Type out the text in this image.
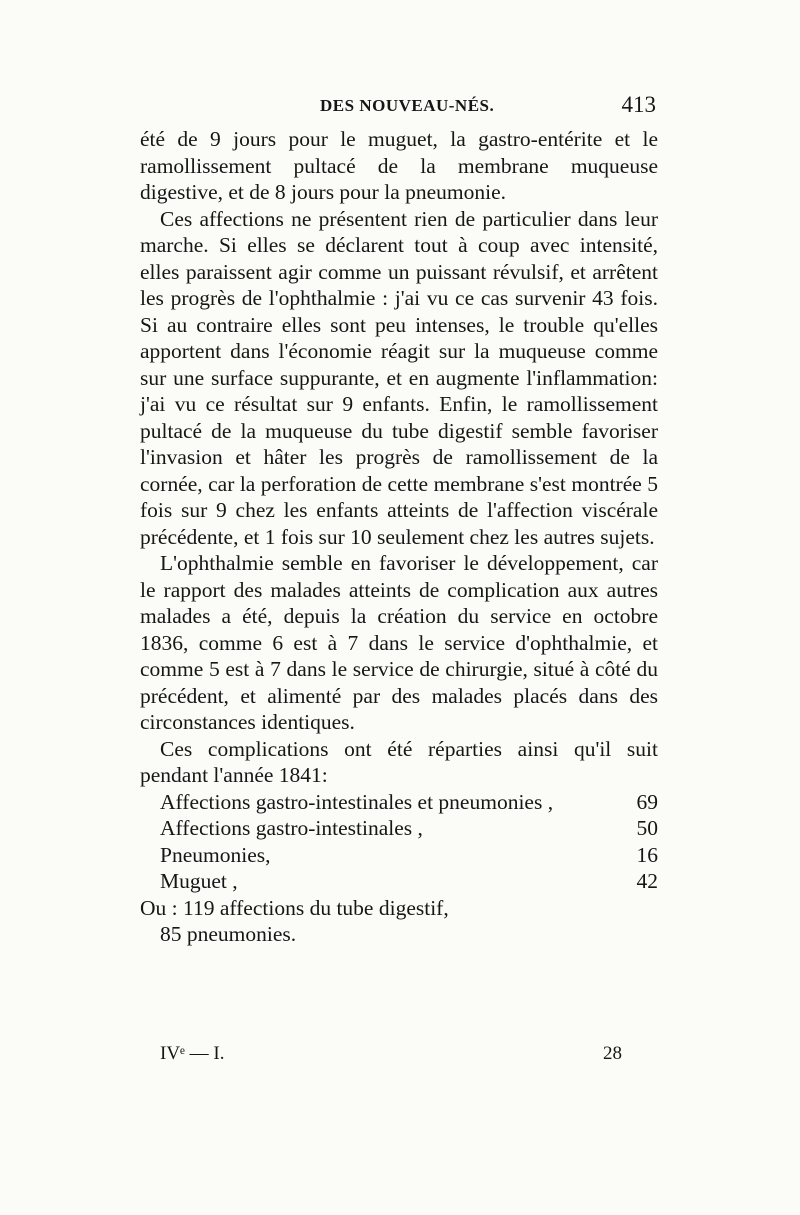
DES NOUVEAU-NÉS.	413

été de 9 jours pour le muguet, la gastro-entérite et le ramollissement pultacé de la membrane muqueuse digestive, et de 8 jours pour la pneumonie.

Ces affections ne présentent rien de particulier dans leur marche. Si elles se déclarent tout à coup avec intensité, elles paraissent agir comme un puissant révulsif, et arrêtent les progrès de l'ophthalmie : j'ai vu ce cas survenir 43 fois. Si au contraire elles sont peu intenses, le trouble qu'elles apportent dans l'économie réagit sur la muqueuse comme sur une surface suppurante, et en augmente l'inflammation: j'ai vu ce résultat sur 9 enfants. Enfin, le ramollissement pultacé de la muqueuse du tube digestif semble favoriser l'invasion et hâter les progrès de ramollissement de la cornée, car la perforation de cette membrane s'est montrée 5 fois sur 9 chez les enfants atteints de l'affection viscérale précédente, et 1 fois sur 10 seulement chez les autres sujets.

L'ophthalmie semble en favoriser le développement, car le rapport des malades atteints de complication aux autres malades a été, depuis la création du service en octobre 1836, comme 6 est à 7 dans le service d'ophthalmie, et comme 5 est à 7 dans le service de chirurgie, situé à côté du précédent, et alimenté par des malades placés dans des circonstances identiques.

Ces complications ont été réparties ainsi qu'il suit pendant l'année 1841:

Affections gastro-intestinales et pneumonies ,	69
Affections gastro-intestinales ,	50
Pneumonies,	16
Muguet ,	42
Ou : 119 affections du tube digestif,
85 pneumonies.
IVᵉ — I.	28
